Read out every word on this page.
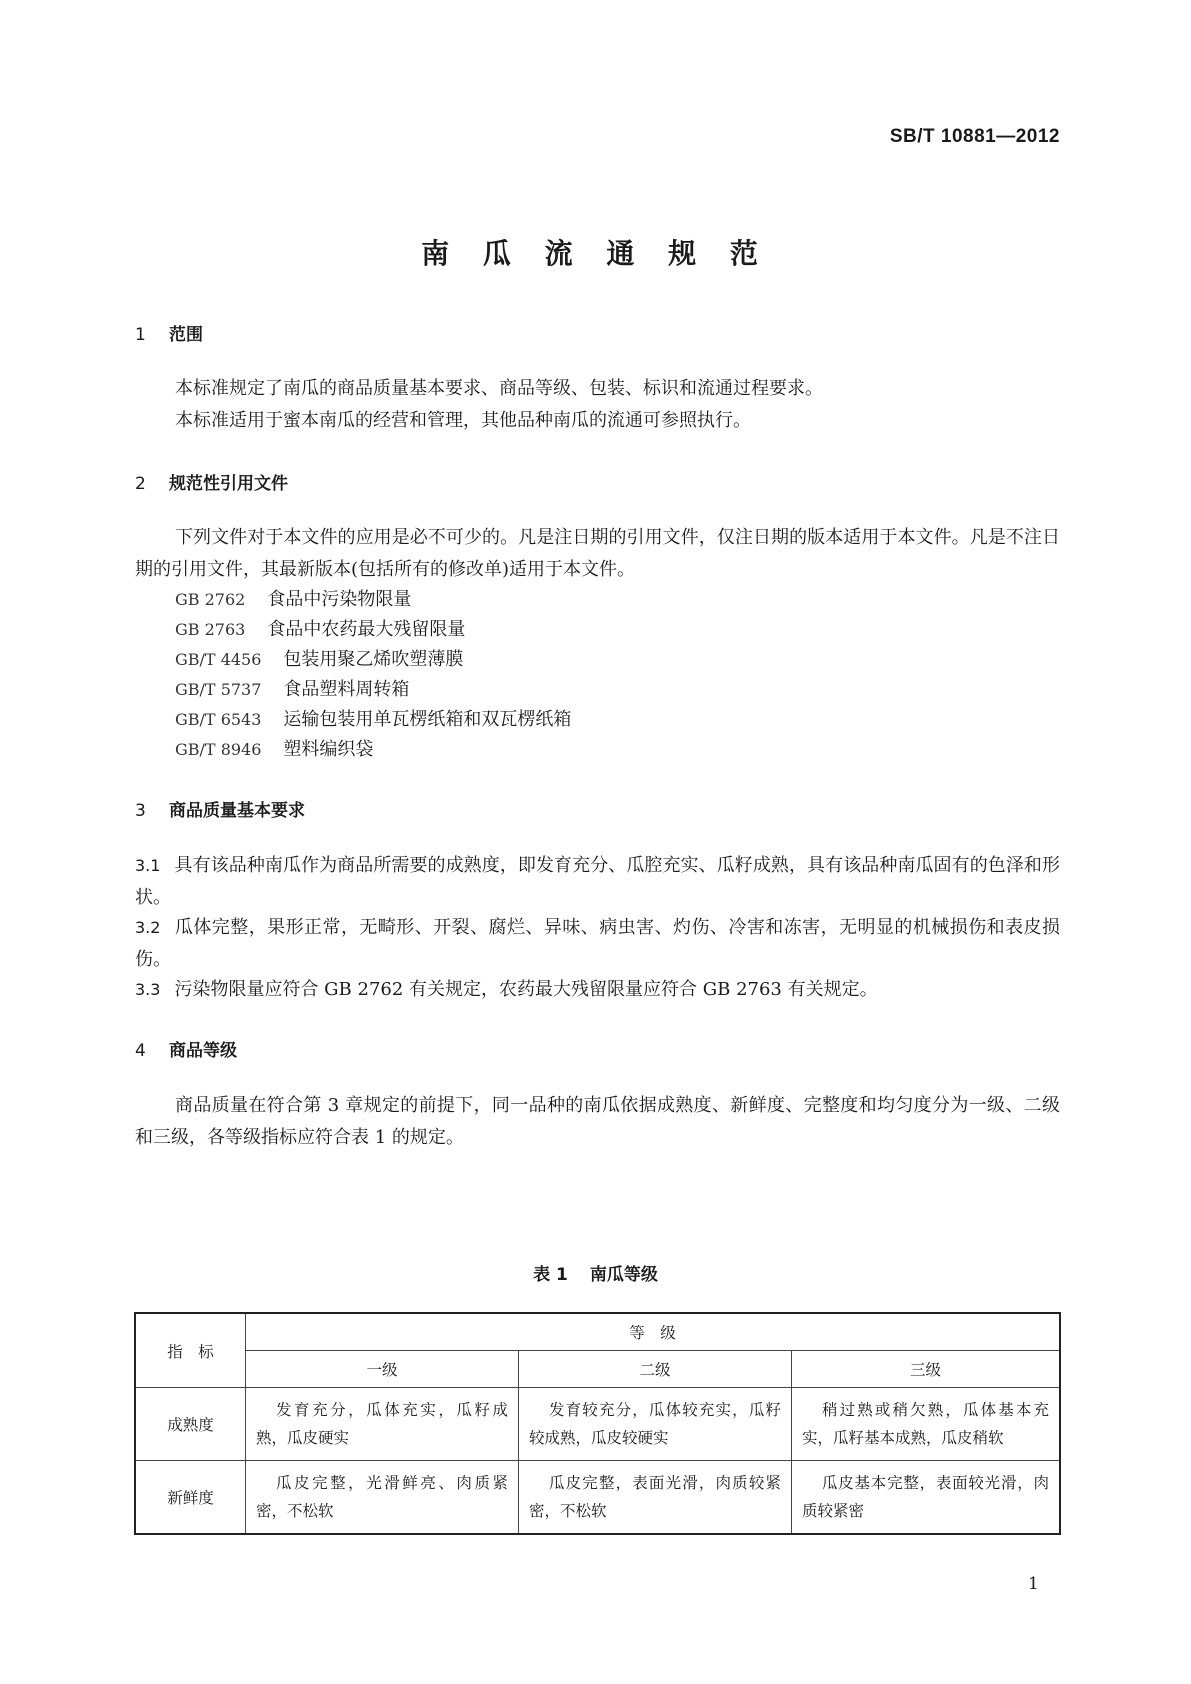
SB/T 10881—2012
南 瓜 流 通 规 范
1 范围
本标准规定了南瓜的商品质量基本要求、商品等级、包装、标识和流通过程要求。
本标准适用于蜜本南瓜的经营和管理，其他品种南瓜的流通可参照执行。
2 规范性引用文件
下列文件对于本文件的应用是必不可少的。凡是注日期的引用文件，仅注日期的版本适用于本文件。凡是不注日期的引用文件，其最新版本(包括所有的修改单)适用于本文件。
GB 2762 食品中污染物限量
GB 2763 食品中农药最大残留限量
GB/T 4456 包装用聚乙烯吹塑薄膜
GB/T 5737 食品塑料周转箱
GB/T 6543 运输包装用单瓦楞纸箱和双瓦楞纸箱
GB/T 8946 塑料编织袋
3 商品质量基本要求
3.1 具有该品种南瓜作为商品所需要的成熟度，即发育充分、瓜腔充实、瓜籽成熟，具有该品种南瓜固有的色泽和形状。
3.2 瓜体完整，果形正常，无畸形、开裂、腐烂、异味、病虫害、灼伤、冷害和冻害，无明显的机械损伤和表皮损伤。
3.3 污染物限量应符合 GB 2762 有关规定，农药最大残留限量应符合 GB 2763 有关规定。
4 商品等级
商品质量在符合第 3 章规定的前提下，同一品种的南瓜依据成熟度、新鲜度、完整度和均匀度分为一级、二级和三级，各等级指标应符合表 1 的规定。
表 1 南瓜等级
指　标	等　级		
	一级	二级	三级
成熟度	发育充分，瓜体充实，瓜籽成熟，瓜皮硬实	发育较充分，瓜体较充实，瓜籽较成熟，瓜皮较硬实	稍过熟或稍欠熟，瓜体基本充实，瓜籽基本成熟，瓜皮稍软
新鲜度	瓜皮完整，光滑鲜亮、肉质紧密，不松软	瓜皮完整，表面光滑，肉质较紧密，不松软	瓜皮基本完整，表面较光滑，肉质较紧密
1
